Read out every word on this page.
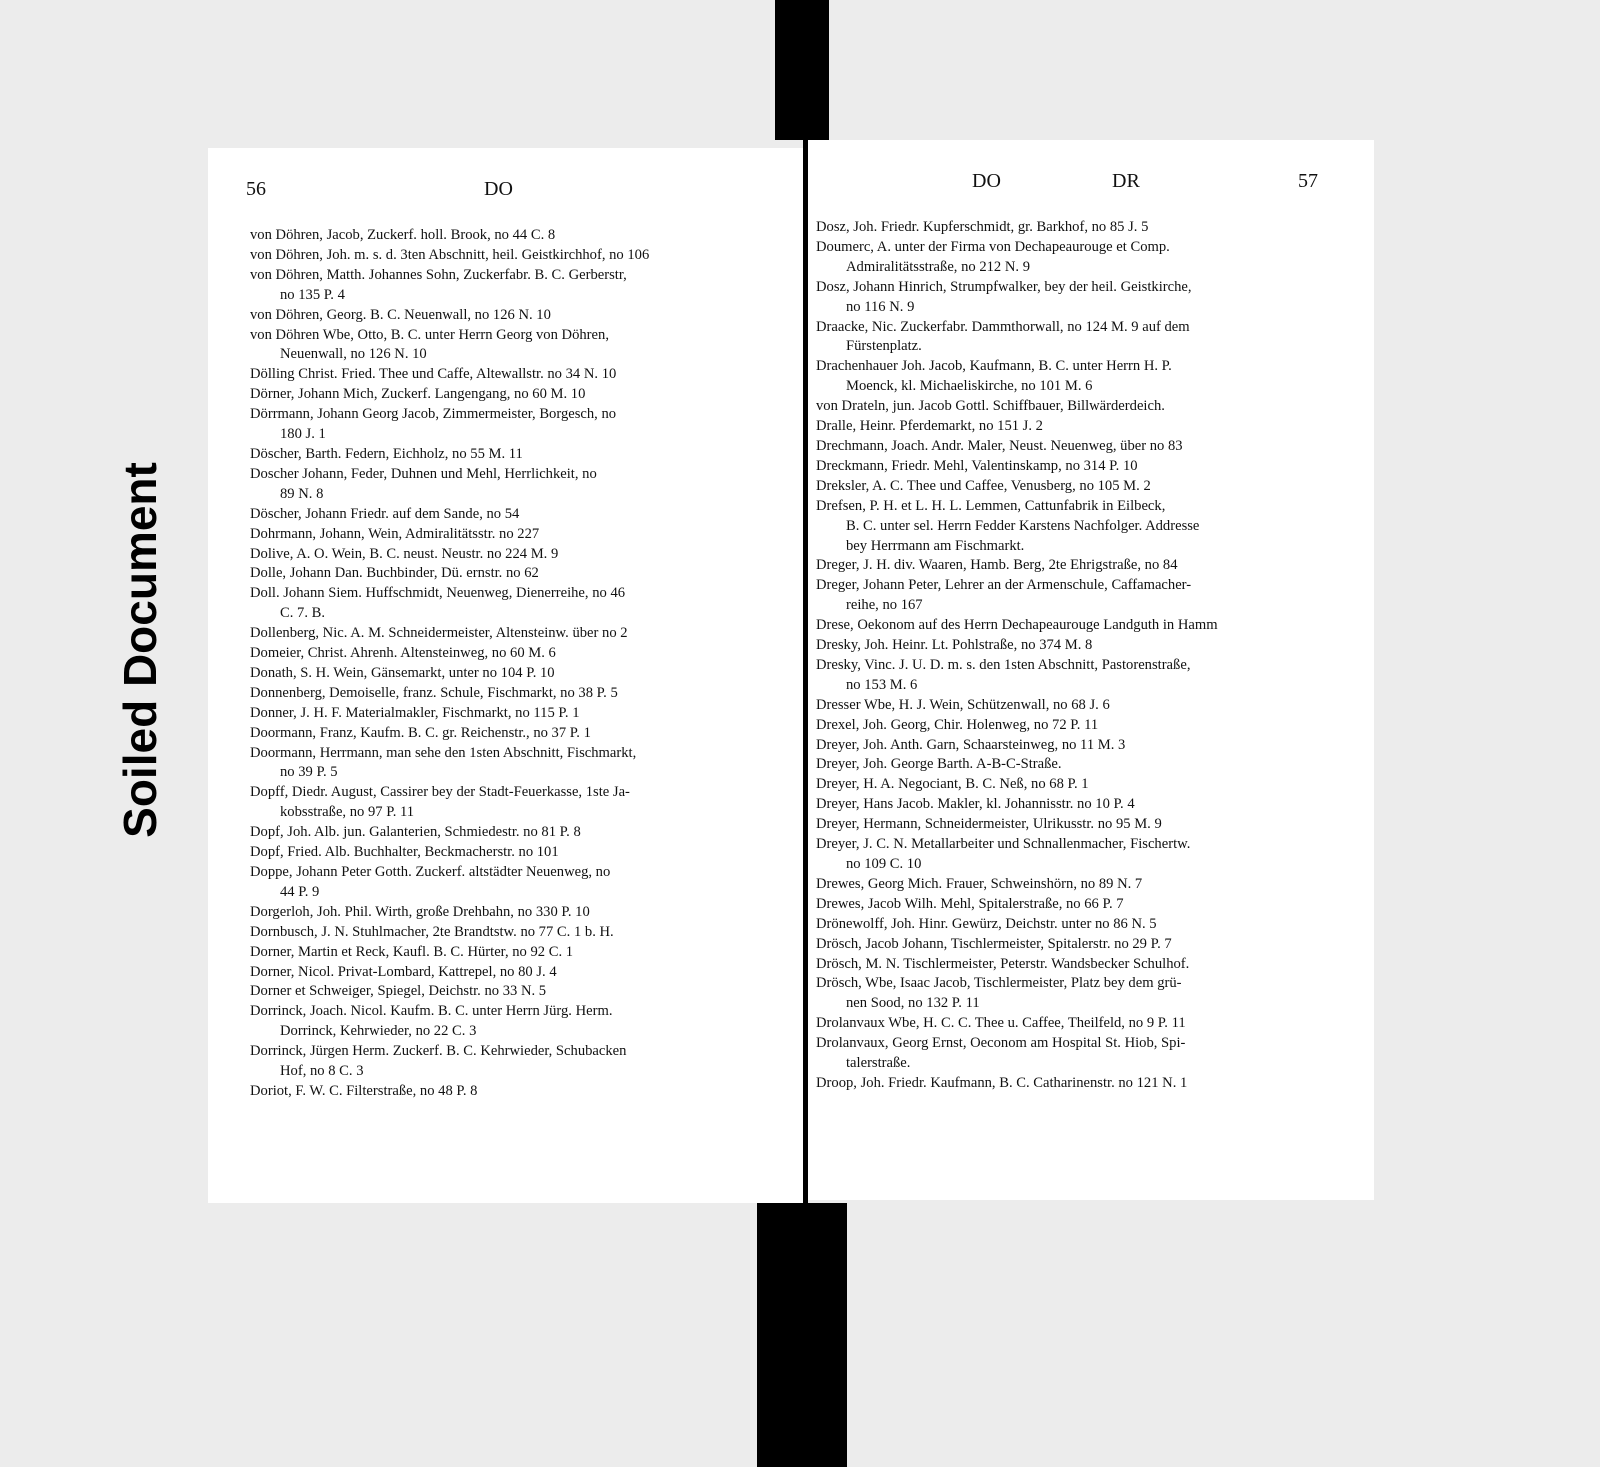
Soiled Document
56	DO
von Döhren, Jacob, Zuckerf. holl. Brook, no 44 C. 8
von Döhren, Joh. m. s. d. 3ten Abschnitt, heil. Geistkirchhof, no 106
von Döhren, Matth. Johannes Sohn, Zuckerfabr. B. C. Gerberstr,

no 135 P. 4
von Döhren, Georg. B. C. Neuenwall, no 126 N. 10
von Döhren Wbe, Otto, B. C. unter Herrn Georg von Döhren,

Neuenwall, no 126 N. 10
Dölling Christ. Fried. Thee und Caffe, Altewallstr. no 34 N. 10
Dörner, Johann Mich, Zuckerf. Langengang, no 60 M. 10
Dörrmann, Johann Georg Jacob, Zimmermeister, Borgesch, no

180 J. 1
Döscher, Barth. Federn, Eichholz, no 55 M. 11
Doscher Johann, Feder, Duhnen und Mehl, Herrlichkeit, no

89 N. 8
Döscher, Johann Friedr. auf dem Sande, no 54
Dohrmann, Johann, Wein, Admiralitätsstr. no 227
Dolive, A. O. Wein, B. C. neust. Neustr. no 224 M. 9
Dolle, Johann Dan. Buchbinder, Dü. ernstr. no 62
Doll. Johann Siem. Huffschmidt, Neuenweg, Dienerreihe, no 46

C. 7. B.
Dollenberg, Nic. A. M. Schneidermeister, Altensteinw. über no 2
Domeier, Christ. Ahrenh. Altensteinweg, no 60 M. 6
Donath, S. H. Wein, Gänsemarkt, unter no 104 P. 10
Donnenberg, Demoiselle, franz. Schule, Fischmarkt, no 38 P. 5
Donner, J. H. F. Materialmakler, Fischmarkt, no 115 P. 1
Doormann, Franz, Kaufm. B. C. gr. Reichenstr., no 37 P. 1
Doormann, Herrmann, man sehe den 1sten Abschnitt, Fischmarkt,

no 39 P. 5
Dopff, Diedr. August, Cassirer bey der Stadt-Feuerkasse, 1ste Ja-

kobsstraße, no 97 P. 11
Dopf, Joh. Alb. jun. Galanterien, Schmiedestr. no 81 P. 8
Dopf, Fried. Alb. Buchhalter, Beckmacherstr. no 101
Doppe, Johann Peter Gotth. Zuckerf. altstädter Neuenweg, no

44 P. 9
Dorgerloh, Joh. Phil. Wirth, große Drehbahn, no 330 P. 10
Dornbusch, J. N. Stuhlmacher, 2te Brandtstw. no 77 C. 1 b. H.
Dorner, Martin et Reck, Kaufl. B. C. Hürter, no 92 C. 1
Dorner, Nicol. Privat-Lombard, Kattrepel, no 80 J. 4
Dorner et Schweiger, Spiegel, Deichstr. no 33 N. 5
Dorrinck, Joach. Nicol. Kaufm. B. C. unter Herrn Jürg. Herm.

Dorrinck, Kehrwieder, no 22 C. 3
Dorrinck, Jürgen Herm. Zuckerf. B. C. Kehrwieder, Schubacken

Hof, no 8 C. 3
Doriot, F. W. C. Filterstraße, no 48 P. 8
DO	DR	57
Dosz, Joh. Friedr. Kupferschmidt, gr. Barkhof, no 85 J. 5
Doumerc, A. unter der Firma von Dechapeaurouge et Comp.

Admiralitätsstraße, no 212 N. 9
Dosz, Johann Hinrich, Strumpfwalker, bey der heil. Geistkirche,

no 116 N. 9
Draacke, Nic. Zuckerfabr. Dammthorwall, no 124 M. 9 auf dem

Fürstenplatz.
Drachenhauer Joh. Jacob, Kaufmann, B. C. unter Herrn H. P.

Moenck, kl. Michaeliskirche, no 101 M. 6
von Drateln, jun. Jacob Gottl. Schiffbauer, Billwärderdeich.
Dralle, Heinr. Pferdemarkt, no 151 J. 2
Drechmann, Joach. Andr. Maler, Neust. Neuenweg, über no 83
Dreckmann, Friedr. Mehl, Valentinskamp, no 314 P. 10
Dreksler, A. C. Thee und Caffee, Venusberg, no 105 M. 2
Drefsen, P. H. et L. H. L. Lemmen, Cattunfabrik in Eilbeck,

B. C. unter sel. Herrn Fedder Karstens Nachfolger. Addresse
bey Herrmann am Fischmarkt.
Dreger, J. H. div. Waaren, Hamb. Berg, 2te Ehrigstraße, no 84
Dreger, Johann Peter, Lehrer an der Armenschule, Caffamacher-

reihe, no 167
Drese, Oekonom auf des Herrn Dechapeaurouge Landguth in Hamm
Dresky, Joh. Heinr. Lt. Pohlstraße, no 374 M. 8
Dresky, Vinc. J. U. D. m. s. den 1sten Abschnitt, Pastorenstraße,

no 153 M. 6
Dresser Wbe, H. J. Wein, Schützenwall, no 68 J. 6
Drexel, Joh. Georg, Chir. Holenweg, no 72 P. 11
Dreyer, Joh. Anth. Garn, Schaarsteinweg, no 11 M. 3
Dreyer, Joh. George Barth. A-B-C-Straße.
Dreyer, H. A. Negociant, B. C. Neß, no 68 P. 1
Dreyer, Hans Jacob. Makler, kl. Johannisstr. no 10 P. 4
Dreyer, Hermann, Schneidermeister, Ulrikusstr. no 95 M. 9
Dreyer, J. C. N. Metallarbeiter und Schnallenmacher, Fischertw.

no 109 C. 10
Drewes, Georg Mich. Frauer, Schweinshörn, no 89 N. 7
Drewes, Jacob Wilh. Mehl, Spitalerstraße, no 66 P. 7
Drönewolff, Joh. Hinr. Gewürz, Deichstr. unter no 86 N. 5
Drösch, Jacob Johann, Tischlermeister, Spitalerstr. no 29 P. 7
Drösch, M. N. Tischlermeister, Peterstr. Wandsbecker Schulhof.
Drösch, Wbe, Isaac Jacob, Tischlermeister, Platz bey dem grü-

nen Sood, no 132 P. 11
Drolanvaux Wbe, H. C. C. Thee u. Caffee, Theilfeld, no 9 P. 11
Drolanvaux, Georg Ernst, Oeconom am Hospital St. Hiob, Spi-

talerstraße.
Droop, Joh. Friedr. Kaufmann, B. C. Catharinenstr. no 121 N. 1
